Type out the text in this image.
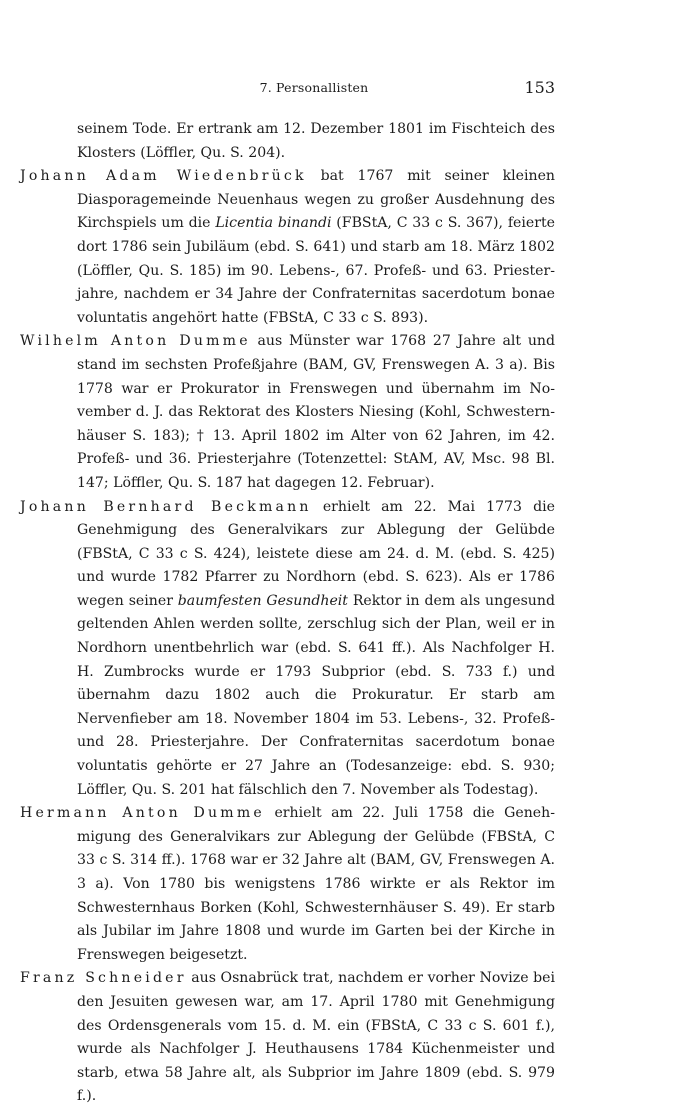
7. Personallisten	153

seinem Tode. Er ertrank am 12. Dezember 1801 im Fischteich des Klosters (Löffler, Qu. S. 204).

Johann Adam Wiedenbrück bat 1767 mit seiner kleinen Diasporagemeinde Neuenhaus wegen zu großer Ausdehnung des Kirchspiels um die Licentia binandi (FBStA, C 33 c S. 367), feierte dort 1786 sein Jubiläum (ebd. S. 641) und starb am 18. März 1802 (Löffler, Qu. S. 185) im 90. Lebens-, 67. Profeß- und 63. Priesterjahre, nachdem er 34 Jahre der Confraternitas sacerdotum bonae voluntatis angehört hatte (FBStA, C 33 c S. 893).

Wilhelm Anton Dumme aus Münster war 1768 27 Jahre alt und stand im sechsten Profeßjahre (BAM, GV, Frenswegen A. 3 a). Bis 1778 war er Prokurator in Frenswegen und übernahm im November d. J. das Rektorat des Klosters Niesing (Kohl, Schwesternhäuser S. 183); † 13. April 1802 im Alter von 62 Jahren, im 42. Profeß- und 36. Priesterjahre (Totenzettel: StAM, AV, Msc. 98 Bl. 147; Löffler, Qu. S. 187 hat dagegen 12. Februar).

Johann Bernhard Beckmann erhielt am 22. Mai 1773 die Genehmigung des Generalvikars zur Ablegung der Gelübde (FBStA, C 33 c S. 424), leistete diese am 24. d. M. (ebd. S. 425) und wurde 1782 Pfarrer zu Nordhorn (ebd. S. 623). Als er 1786 wegen seiner baumfesten Gesundheit Rektor in dem als ungesund geltenden Ahlen werden sollte, zerschlug sich der Plan, weil er in Nordhorn unentbehrlich war (ebd. S. 641 ff.). Als Nachfolger H. H. Zumbrocks wurde er 1793 Subprior (ebd. S. 733 f.) und übernahm dazu 1802 auch die Prokuratur. Er starb am Nervenfieber am 18. November 1804 im 53. Lebens-, 32. Profeß- und 28. Priesterjahre. Der Confraternitas sacerdotum bonae voluntatis gehörte er 27 Jahre an (Todesanzeige: ebd. S. 930; Löffler, Qu. S. 201 hat fälschlich den 7. November als Todestag).

Hermann Anton Dumme erhielt am 22. Juli 1758 die Genehmigung des Generalvikars zur Ablegung der Gelübde (FBStA, C 33 c S. 314 ff.). 1768 war er 32 Jahre alt (BAM, GV, Frenswegen A. 3 a). Von 1780 bis wenigstens 1786 wirkte er als Rektor im Schwesternhaus Borken (Kohl, Schwesternhäuser S. 49). Er starb als Jubilar im Jahre 1808 und wurde im Garten bei der Kirche in Frenswegen beigesetzt.

Franz Schneider aus Osnabrück trat, nachdem er vorher Novize bei den Jesuiten gewesen war, am 17. April 1780 mit Genehmigung des Ordensgenerals vom 15. d. M. ein (FBStA, C 33 c S. 601 f.), wurde als Nachfolger J. Heuthausens 1784 Küchenmeister und starb, etwa 58 Jahre alt, als Subprior im Jahre 1809 (ebd. S. 979 f.).
